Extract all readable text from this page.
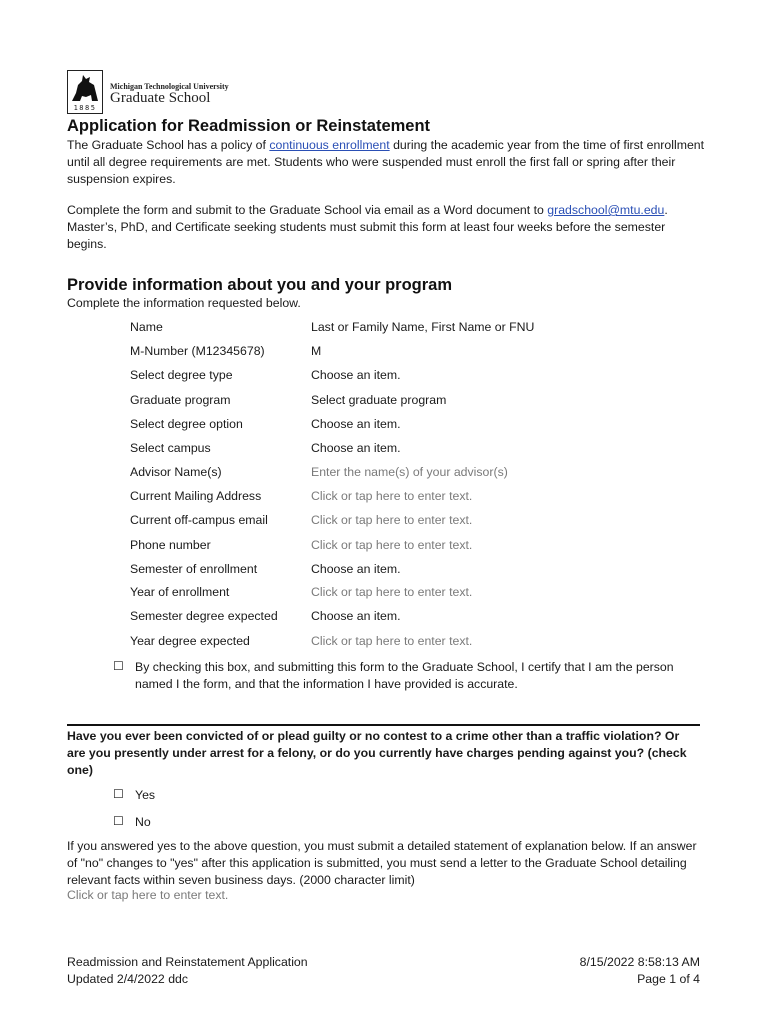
1885
Michigan Technological University
Graduate School
Application for Readmission or Reinstatement
The Graduate School has a policy of continuous enrollment during the academic year from the time of first enrollment until all degree requirements are met. Students who were suspended must enroll the first fall or spring after their suspension expires.
Complete the form and submit to the Graduate School via email as a Word document to gradschool@mtu.edu. Master’s, PhD, and Certificate seeking students must submit this form at least four weeks before the semester begins.
Provide information about you and your program
Complete the information requested below.
Name	Last or Family Name, First Name or FNU
M-Number (M12345678)	M
Select degree type	Choose an item.
Graduate program	Select graduate program
Select degree option	Choose an item.
Select campus	Choose an item.
Advisor Name(s)	Enter the name(s) of your advisor(s)
Current Mailing Address	Click or tap here to enter text.
Current off-campus email	Click or tap here to enter text.
Phone number	Click or tap here to enter text.
Semester of enrollment	Choose an item.
Year of enrollment	Click or tap here to enter text.
Semester degree expected	Choose an item.
Year degree expected	Click or tap here to enter text.
☐ By checking this box, and submitting this form to the Graduate School, I certify that I am the person named I the form, and that the information I have provided is accurate.
Have you ever been convicted of or plead guilty or no contest to a crime other than a traffic violation? Or are you presently under arrest for a felony, or do you currently have charges pending against you? (check one)
☐ Yes
☐ No
If you answered yes to the above question, you must submit a detailed statement of explanation below. If an answer of "no" changes to "yes" after this application is submitted, you must send a letter to the Graduate School detailing relevant facts within seven business days. (2000 character limit)
Click or tap here to enter text.
Readmission and Reinstatement Application
Updated 2/4/2022 ddc
8/15/2022 8:58:13 AM
Page 1 of 4
